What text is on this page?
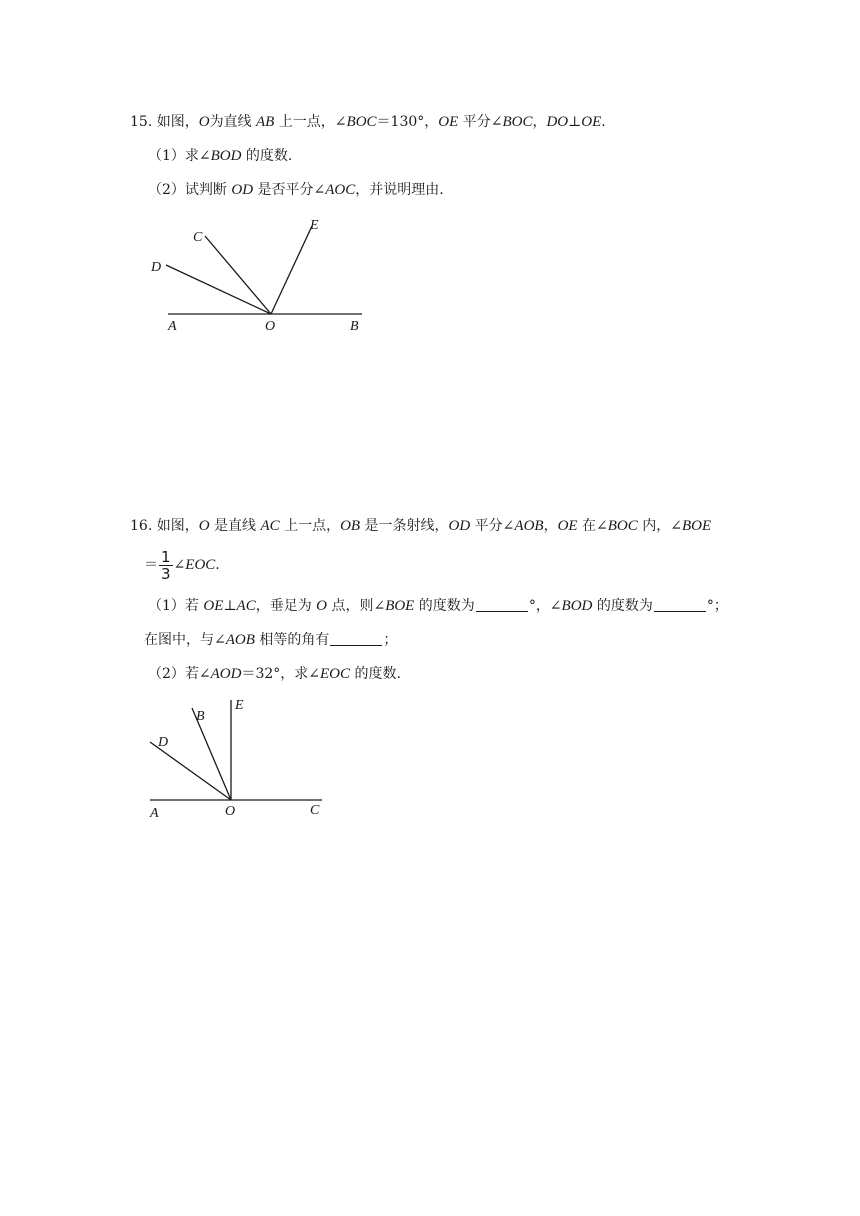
15. 如图，O为直线 AB 上一点，∠BOC＝130°，OE 平分∠BOC，DO⊥OE.
（1）求∠BOD 的度数.
（2）试判断 OD 是否平分∠AOC，并说明理由.
A	O	B
C
D
E
16. 如图，O 是直线 AC 上一点，OB 是一条射线，OD 平分∠AOB，OE 在∠BOC 内，∠BOE
＝ $\frac{1}{3}$ ∠EOC.
（1）若 OE⊥AC，垂足为 O 点，则∠BOE 的度数为	°，∠BOD 的度数为	°；
在图中，与∠AOB 相等的角有	；
（2）若∠AOD＝32°，求∠EOC 的度数.
A	O	C
B
D
E
